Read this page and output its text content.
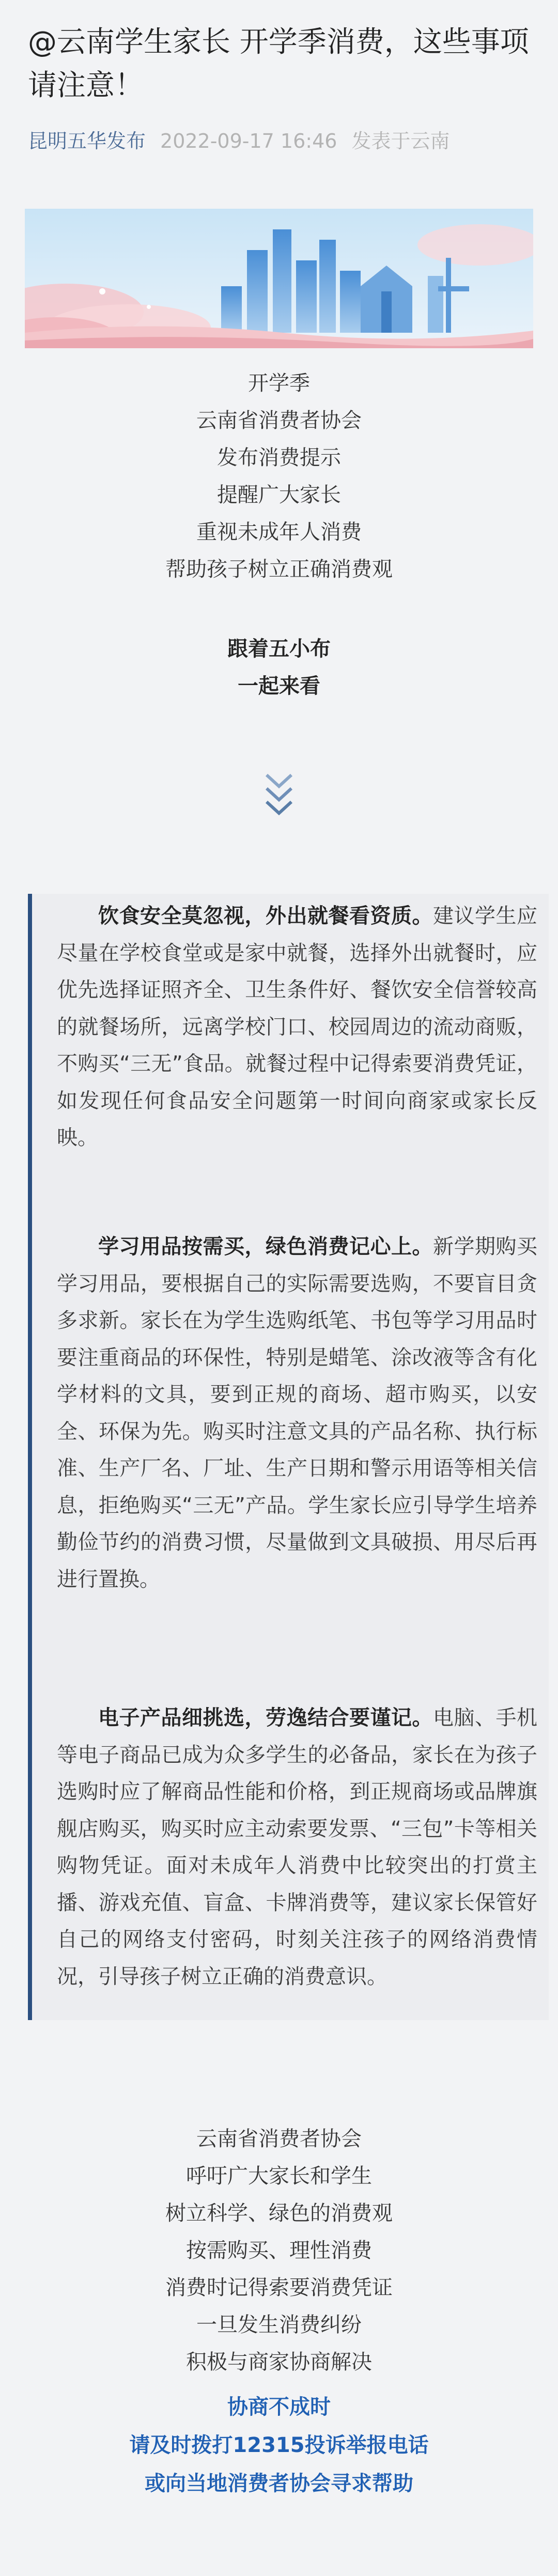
@云南学生家长 开学季消费，这些事项请注意！
昆明五华发布 2022-09-17 16:46 发表于云南

开学季

云南省消费者协会

发布消费提示

提醒广大家长

重视未成年人消费

帮助孩子树立正确消费观

跟着五小布

一起来看

饮食安全莫忽视，外出就餐看资质。建议学生应尽量在学校食堂或是家中就餐，选择外出就餐时，应优先选择证照齐全、卫生条件好、餐饮安全信誉较高的就餐场所，远离学校门口、校园周边的流动商贩，不购买“三无”食品。就餐过程中记得索要消费凭证，如发现任何食品安全问题第一时间向商家或家长反映。

学习用品按需买，绿色消费记心上。新学期购买学习用品，要根据自己的实际需要选购，不要盲目贪多求新。家长在为学生选购纸笔、书包等学习用品时要注重商品的环保性，特别是蜡笔、涂改液等含有化学材料的文具，要到正规的商场、超市购买，以安全、环保为先。购买时注意文具的产品名称、执行标准、生产厂名、厂址、生产日期和警示用语等相关信息，拒绝购买“三无”产品。学生家长应引导学生培养勤俭节约的消费习惯，尽量做到文具破损、用尽后再进行置换。

电子产品细挑选，劳逸结合要谨记。电脑、手机等电子商品已成为众多学生的必备品，家长在为孩子选购时应了解商品性能和价格，到正规商场或品牌旗舰店购买，购买时应主动索要发票、“三包”卡等相关购物凭证。面对未成年人消费中比较突出的打赏主播、游戏充值、盲盒、卡牌消费等，建议家长保管好自己的网络支付密码，时刻关注孩子的网络消费情况，引导孩子树立正确的消费意识。

云南省消费者协会

呼吁广大家长和学生

树立科学、绿色的消费观

按需购买、理性消费

消费时记得索要消费凭证

一旦发生消费纠纷

积极与商家协商解决

协商不成时

请及时拨打12315投诉举报电话

或向当地消费者协会寻求帮助
